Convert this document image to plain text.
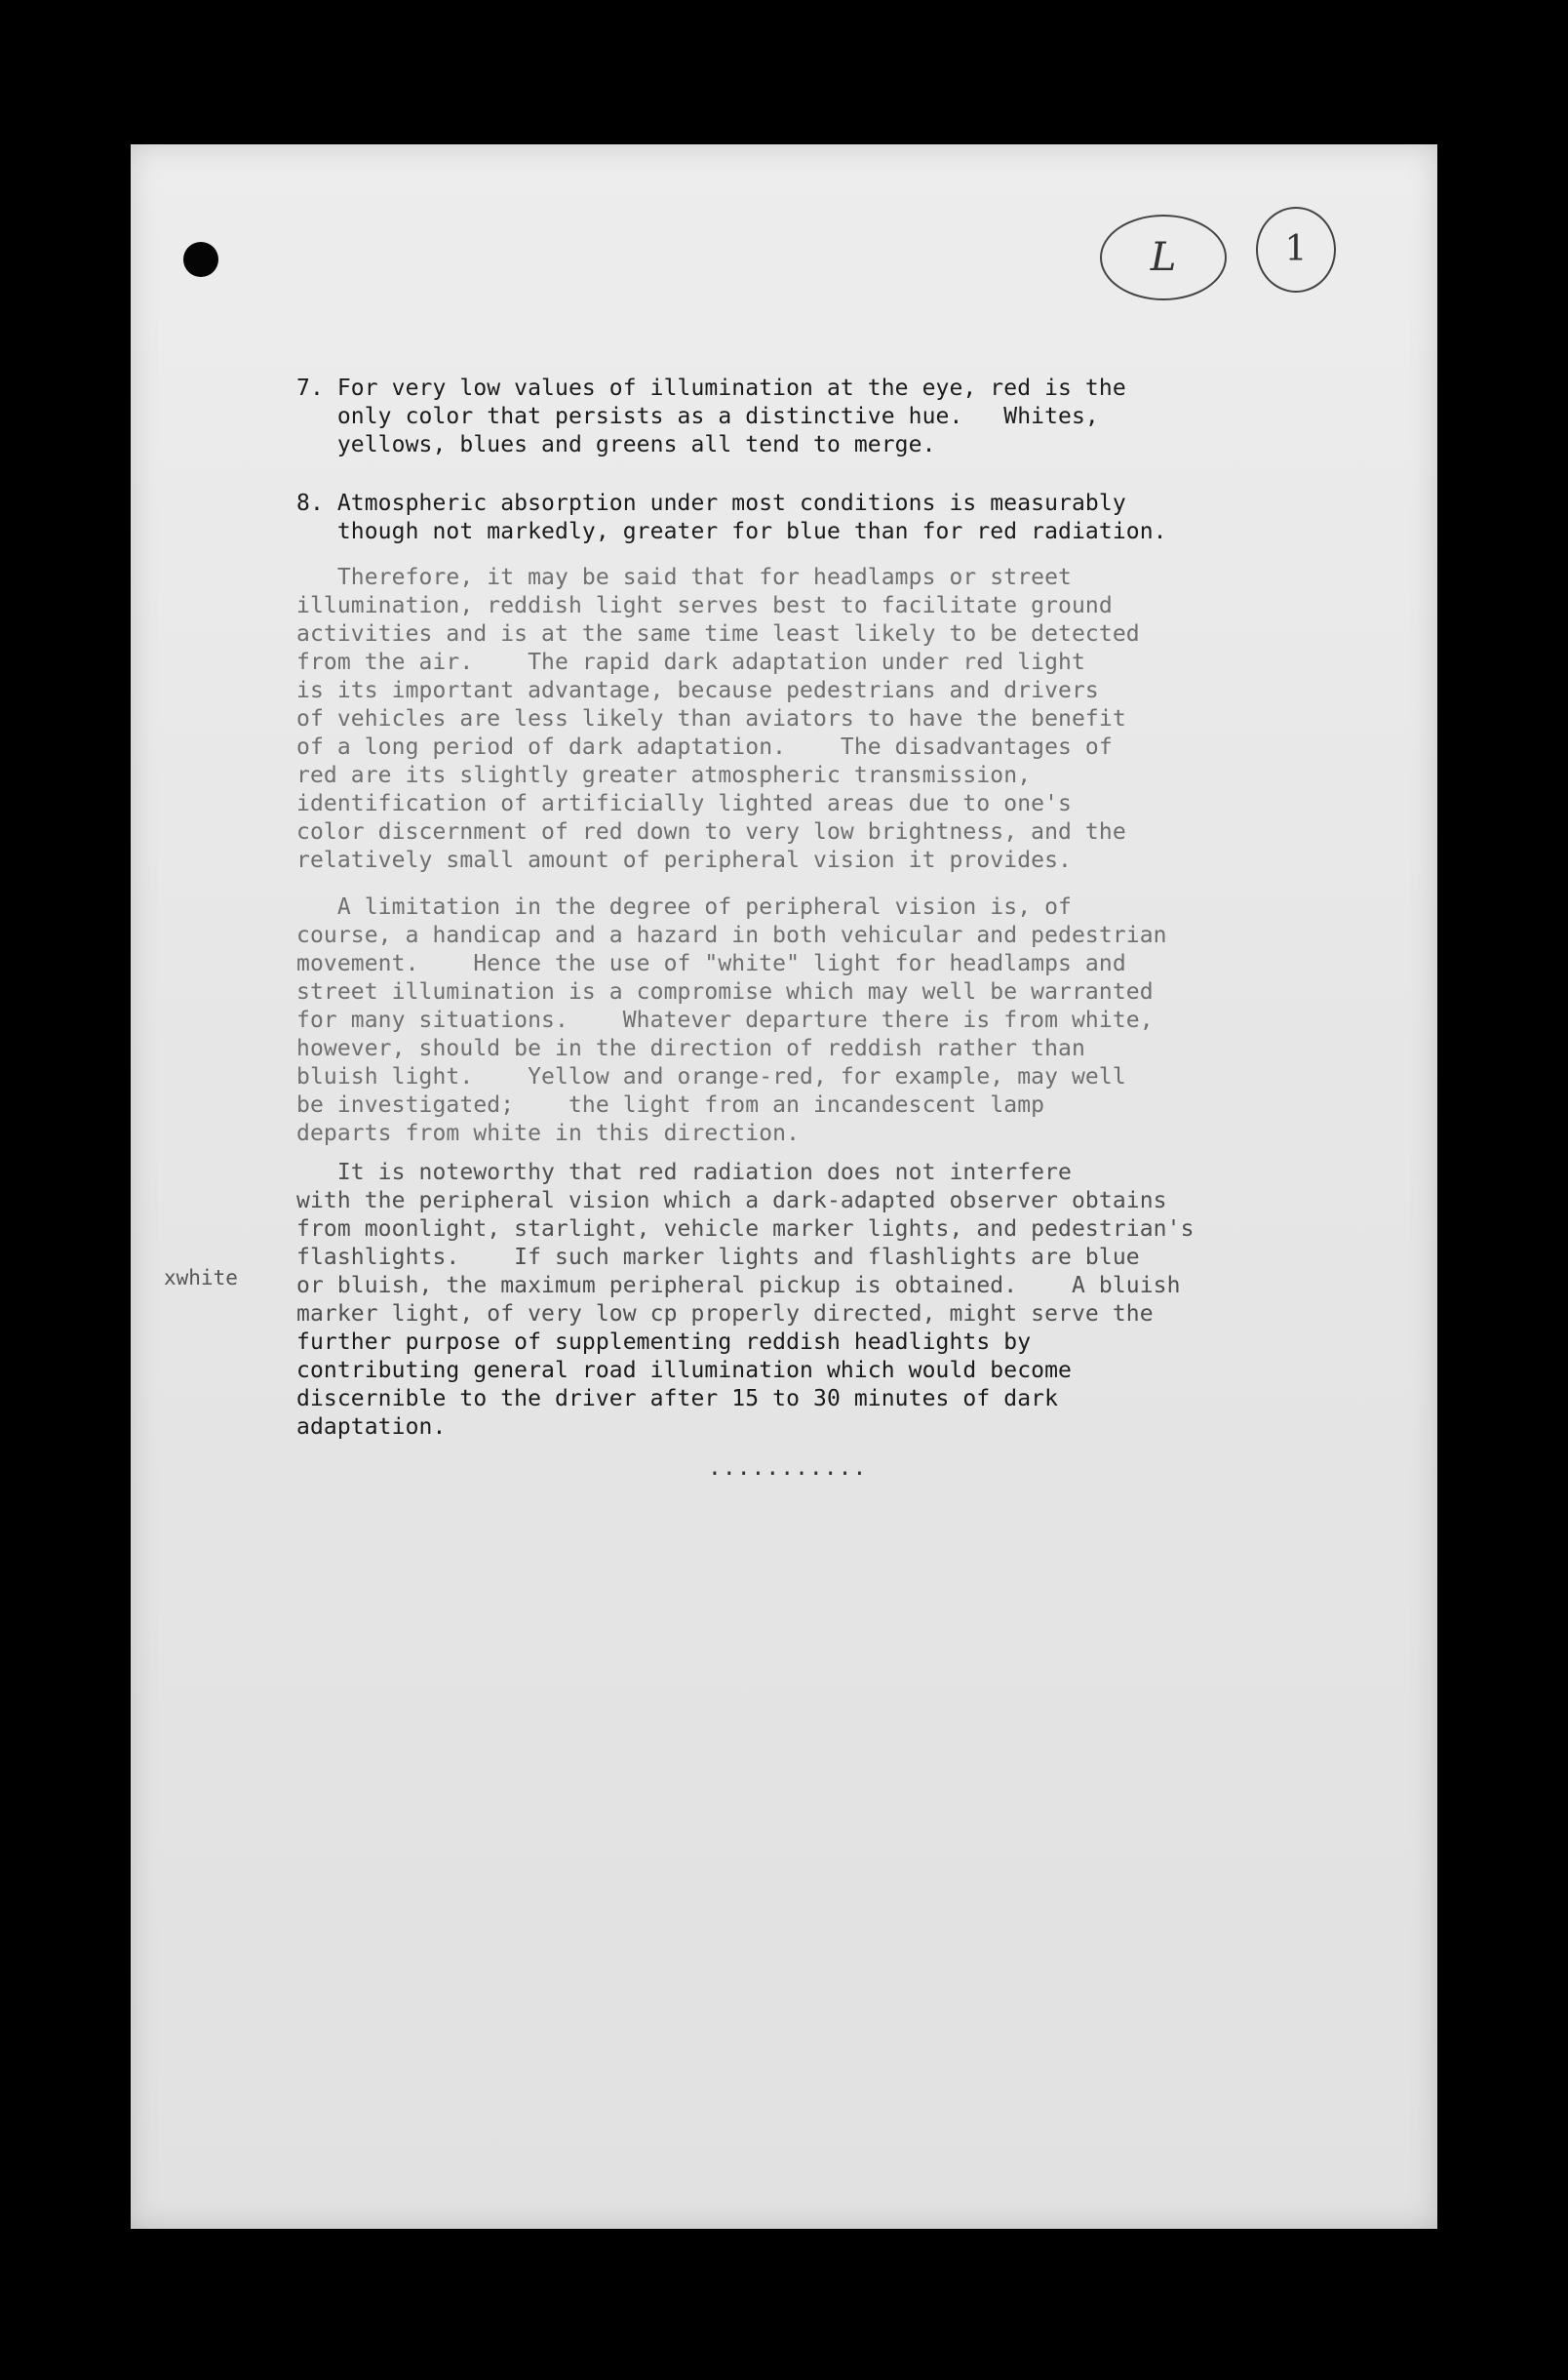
L	1
7. For very low values of illumination at the eye, red is the
only color that persists as a distinctive hue.   Whites,
yellows, blues and greens all tend to merge.
8. Atmospheric absorption under most conditions is measurably
though not markedly, greater for blue than for red radiation.
Therefore, it may be said that for headlamps or street
illumination, reddish light serves best to facilitate ground
activities and is at the same time least likely to be detected
from the air.    The rapid dark adaptation under red light
is its important advantage, because pedestrians and drivers
of vehicles are less likely than aviators to have the benefit
of a long period of dark adaptation.    The disadvantages of
red are its slightly greater atmospheric transmission,
identification of artificially lighted areas due to one's
color discernment of red down to very low brightness, and the
relatively small amount of peripheral vision it provides.
A limitation in the degree of peripheral vision is, of
course, a handicap and a hazard in both vehicular and pedestrian
movement.    Hence the use of "white" light for headlamps and
street illumination is a compromise which may well be warranted
for many situations.    Whatever departure there is from white,
however, should be in the direction of reddish rather than
bluish light.    Yellow and orange-red, for example, may well
be investigated;    the light from an incandescent lamp
departs from white in this direction.
It is noteworthy that red radiation does not interfere
with the peripheral vision which a dark-adapted observer obtains
from moonlight, starlight, vehicle marker lights, and pedestrian's
flashlights.    If such marker lights and flashlights are blue
or bluish, the maximum peripheral pickup is obtained.    A bluish
marker light, of very low cp properly directed, might serve the
further purpose of supplementing reddish headlights by
contributing general road illumination which would become
discernible to the driver after 15 to 30 minutes of dark
adaptation.
...........
xwhite
